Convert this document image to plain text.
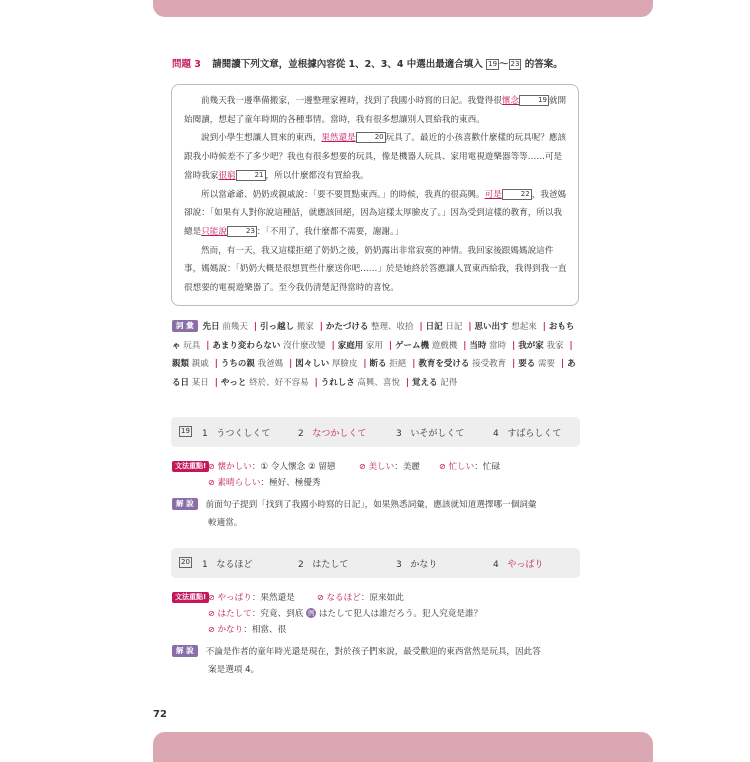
問題 3 請閱讀下列文章，並根據內容從 1、2、3、4 中選出最適合填入 19 ～ 23 的答案。

前幾天我一邊準備搬家，一邊整理家裡時，找到了我國小時寫的日記。我覺得很懷念	19 就開始閱讀，想起了童年時期的各種事情。當時，我有很多想讓別人買給我的東西。

說到小學生想讓人買來的東西，果然還是	20 玩具了。最近的小孩喜歡什麼樣的玩具呢？應該跟我小時候差不了多少吧？我也有很多想要的玩具，像是機器人玩具、家用電視遊樂器等等……可是當時我家很窮	21 ，所以什麼都沒有買給我。

所以當爺爺、奶奶或親戚說：「要不要買點東西。」的時候，我真的很高興。可是	22 ，我爸媽卻說：「如果有人對你說這種話，就應該回絕，因為這樣太厚臉皮了。」因為受到這樣的教育，所以我總是只能說	23 ：「不用了，我什麼都不需要，謝謝。」

然而，有一天，我又這樣拒絕了奶奶之後，奶奶露出非常寂寞的神情。我回家後跟媽媽說這件事，媽媽說：「奶奶大概是很想買些什麼送你吧……」於是她終於答應讓人買東西給我，我得到我一直很想要的電視遊樂器了。至今我仍清楚記得當時的喜悅。

詞 彙 先日 前幾天 | 引っ越し 搬家 | かたづける 整理、收拾 | 日記 日記 | 思い出す 想起來 | おもちゃ 玩具 | あまり変わらない 沒什麼改變 | 家庭用 家用 | ゲーム機 遊戲機 | 当時 當時 | 我が家 我家 |親類 親戚 | うちの親 我爸媽 | 図々しい 厚臉皮 | 断る 拒絕 | 教育を受ける 接受教育 | 要る 需要 | ある日 某日 | やっと 終於、好不容易 | うれしさ 高興、喜悅 | 覚える 記得
19 1 うつくしくて	2 なつかしくて	3 いそがしくて	4 すばらしくて
文法重點! ⊘ 懐かしい：① 令人懷念 ② 留戀	⊘ 美しい：美麗 ⊘ 忙しい：忙碌
⊘ 素晴らしい：極好、極優秀
解 說 前面句子提到「找到了我國小時寫的日記」，如果熟悉詞彙，應該就知道選擇哪一個詞彙
較適當。
20 1 なるほど	2 はたして	3 かなり	4 やっぱり
文法重點! ⊘ やっぱり：果然還是	⊘ なるほど：原來如此
⊘ はたして：究竟、到底 例 はたして犯人は誰だろう。犯人究竟是誰？
⊘ かなり：相當、很
解 說 不論是作者的童年時光還是現在，對於孩子們來說，最受歡迎的東西當然是玩具，因此答
案是選項 4。
72
